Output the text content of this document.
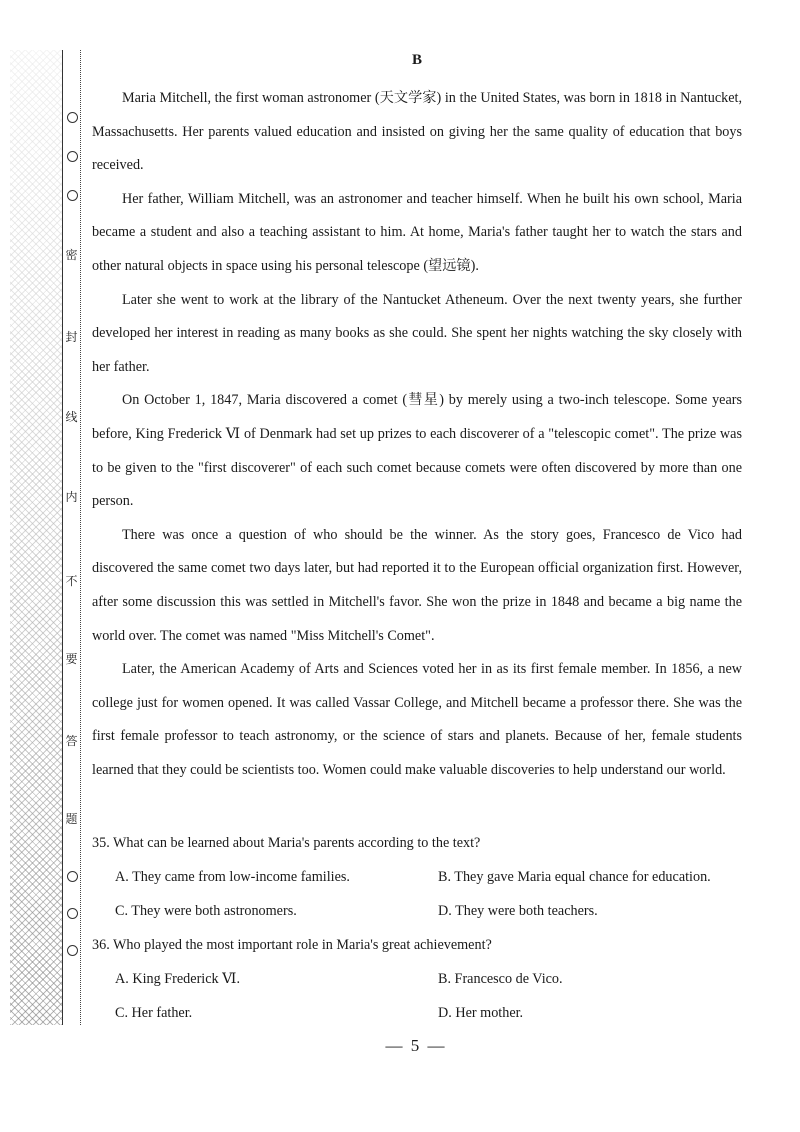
密
封
线
内
不
要
答
题
B

Maria Mitchell, the first woman astronomer (天文学家) in the United States, was born in 1818 in Nantucket, Massachusetts. Her parents valued education and insisted on giving her the same quality of education that boys received.

Her father, William Mitchell, was an astronomer and teacher himself. When he built his own school, Maria became a student and also a teaching assistant to him. At home, Maria's father taught her to watch the stars and other natural objects in space using his personal telescope (望远镜).

Later she went to work at the library of the Nantucket Atheneum. Over the next twenty years, she further developed her interest in reading as many books as she could. She spent her nights watching the sky closely with her father.

On October 1, 1847, Maria discovered a comet (彗星) by merely using a two-inch telescope. Some years before, King Frederick Ⅵ of Denmark had set up prizes to each discoverer of a "telescopic comet". The prize was to be given to the "first discoverer" of each such comet because comets were often discovered by more than one person.

There was once a question of who should be the winner. As the story goes, Francesco de Vico had discovered the same comet two days later, but had reported it to the European official organization first. However, after some discussion this was settled in Mitchell's favor. She won the prize in 1848 and became a big name the world over. The comet was named "Miss Mitchell's Comet".

Later, the American Academy of Arts and Sciences voted her in as its first female member. In 1856, a new college just for women opened. It was called Vassar College, and Mitchell became a professor there. She was the first female professor to teach astronomy, or the science of stars and planets. Because of her, female students learned that they could be scientists too. Women could make valuable discoveries to help understand our world.

35. What can be learned about Maria's parents according to the text?

A. They came from low-income families.	B. They gave Maria equal chance for education.

C. They were both astronomers.	D. They were both teachers.

36. Who played the most important role in Maria's great achievement?

A. King Frederick Ⅵ.	B. Francesco de Vico.

C. Her father.	D. Her mother.

— 5 —
